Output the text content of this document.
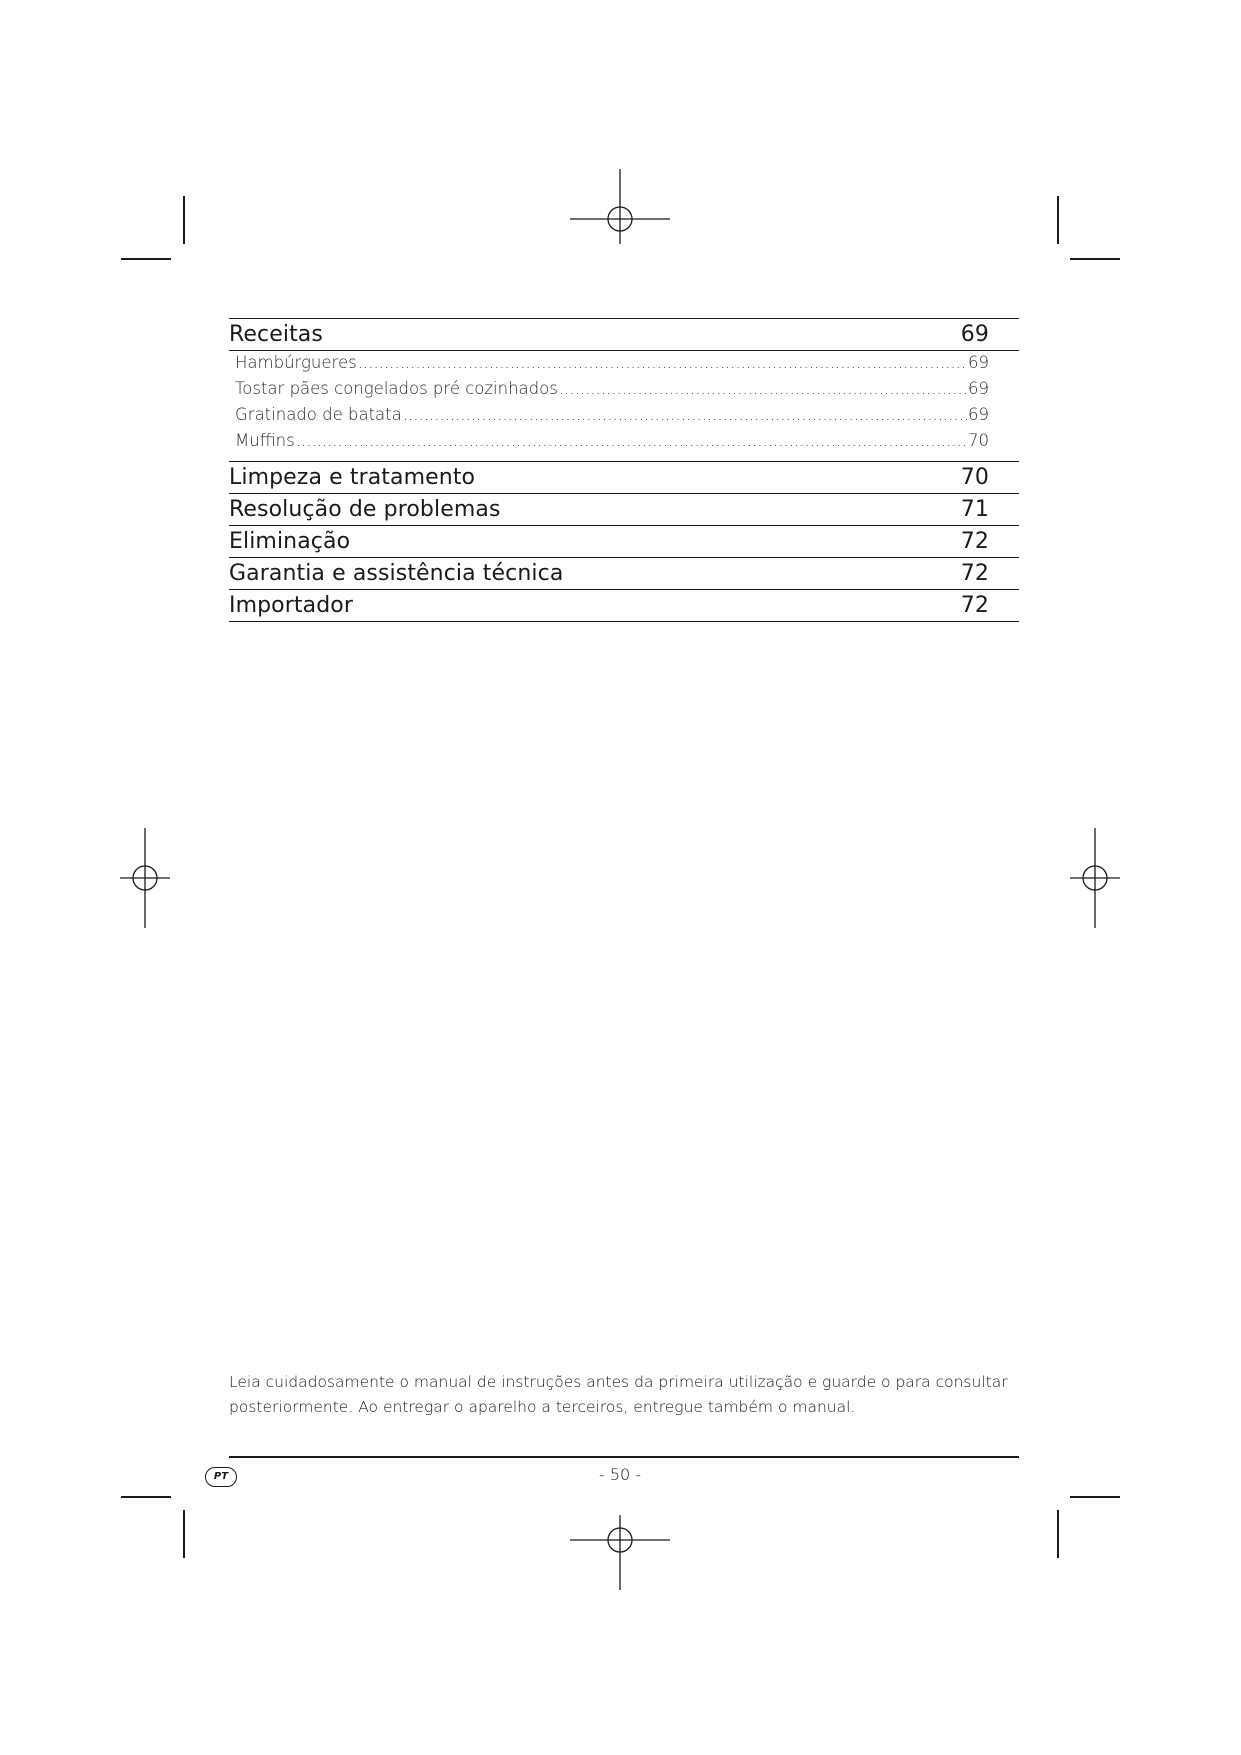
Receitas	69
Hambúrgueres .....	69
Tostar pães congelados pré cozinhados .....	69
Gratinado de batata .....	69
Muffins .....	70
Limpeza e tratamento	70
Resolução de problemas	71
Eliminação	72
Garantia e assistência técnica	72
Importador	72

Leia cuidadosamente o manual de instruções antes da primeira utilização e guarde o para consultar posteriormente. Ao entregar o aparelho a terceiros, entregue também o manual.

PT	- 50 -
